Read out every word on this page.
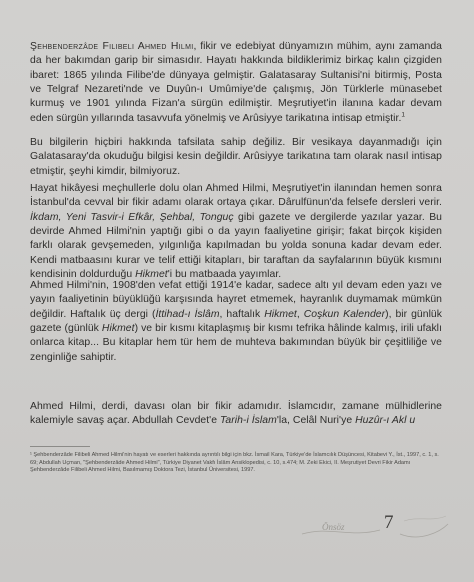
Şehbenderzâde Filibeli Ahmed Hilmi, fikir ve edebiyat dünyamızın mühim, aynı zamanda da her bakımdan garip bir simasıdır. Hayatı hakkında bildiklerimiz birkaç kalın çizgiden ibaret: 1865 yılında Filibe'de dünyaya gelmiştir. Galatasaray Sultanisi'ni bitirmiş, Posta ve Telgraf Nezareti'nde ve Duyûn-ı Umûmiye'de çalışmış, Jön Türklerle münasebet kurmuş ve 1901 yılında Fizan'a sürgün edilmiştir. Meşrutiyet'in ilanına kadar devam eden sürgün yıllarında tasavvufa yönelmiş ve Arûsiyye tarikatına intisap etmiştir.$^1$

Bu bilgilerin hiçbiri hakkında tafsilata sahip değiliz. Bir vesikaya dayanmadığı için Galatasaray'da okuduğu bilgisi kesin değildir. Arûsiyye tarikatına tam olarak nasıl intisap etmiştir, şeyhi kimdir, bilmiyoruz.

Hayat hikâyesi meçhullerle dolu olan Ahmed Hilmi, Meşrutiyet'in ilanından hemen sonra İstanbul'da cevval bir fikir adamı olarak ortaya çıkar. Dârulfünun'da felsefe dersleri verir. İkdam, Yeni Tasvir-i Efkâr, Şehbal, Tonguç gibi gazete ve dergilerde yazılar yazar. Bu devirde Ahmed Hilmi'nin yaptığı gibi o da yayın faaliyetine girişir; fakat birçok kişiden farklı olarak gevşemeden, yılgınlığa kapılmadan bu yolda sonuna kadar devam eder. Kendi matbaasını kurar ve telif ettiği kitapları, bir taraftan da sayfalarının büyük kısmını kendisinin doldurduğu Hikmet'i bu matbaada yayımlar.

Ahmed Hilmi'nin, 1908'den vefat ettiği 1914'e kadar, sadece altı yıl devam eden yazı ve yayın faaliyetinin büyüklüğü karşısında hayret etmemek, hayranlık duymamak mümkün değildir. Haftalık üç dergi (İttihad-ı İslâm, haftalık Hikmet, Coşkun Kalender), bir günlük gazete (günlük Hikmet) ve bir kısmı kitaplaşmış bir kısmı tefrika hâlinde kalmış, irili ufaklı onlarca kitap... Bu kitaplar hem tür hem de muhteva bakımından büyük bir çeşitliliğe ve zenginliğe sahiptir.

Ahmed Hilmi, derdi, davası olan bir fikir adamıdır. İslamcıdır, zamane mülhidlerine kalemiyle savaş açar. Abdullah Cevdet'e Tarih-i İslam'la, Celâl Nuri'ye Huzûr-ı Akl u

¹ Şehbenderzâde Filibeli Ahmed Hilmi'nin hayatı ve eserleri hakkında ayrıntılı bilgi için bkz. İsmail Kara, Türkiye'de İslamcılık Düşüncesi, Kitabevi Y., İst., 1997, c. 1, s. 69; Abdullah Uçman, "Şehbenderzâde Ahmed Hilmi", Türkiye Diyanet Vakfı İslâm Ansiklopedisi, c. 10, s.474; M. Zeki Ekici, II. Meşrutiyet Devri Fikir Adamı Şehbenderzâde Filibeli Ahmed Hilmi, Basılmamış Doktora Tezi, İstanbul Üniversitesi, 1997.

Önsöz 7
